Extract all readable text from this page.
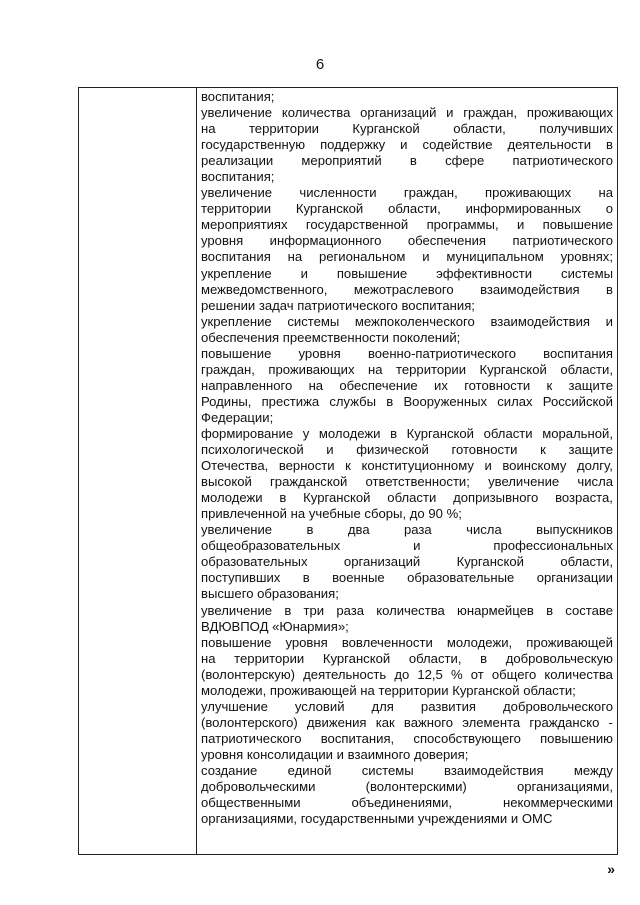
6
воспитания;
увеличение количества организаций и граждан, проживающих
на	территории	Курганской	области,	получивших
государственную поддержку и содействие деятельности в
реализации мероприятий в сфере патриотического
воспитания;
увеличение численности граждан, проживающих на
территории Курганской области, информированных о
мероприятиях государственной программы, и повышение
уровня информационного обеспечения патриотического
воспитания на региональном и муниципальном уровнях;
укрепление и повышение эффективности системы
межведомственного, межотраслевого взаимодействия в
решении задач патриотического воспитания;
укрепление системы межпоколенческого взаимодействия и
обеспечения преемственности поколений;
повышение уровня военно-патриотического воспитания
граждан, проживающих на территории Курганской области,
направленного на обеспечение их готовности к защите
Родины, престижа службы в Вооруженных силах Российской
Федерации;
формирование у молодежи в Курганской области моральной,
психологической и физической готовности к защите
Отечества, верности к конституционному и воинскому долгу,
высокой гражданской ответственности; увеличение числа
молодежи в Курганской области допризывного возраста,
привлеченной на учебные сборы, до 90 %;
увеличение	в	два	раза	числа	выпускников
общеобразовательных	и	профессиональных
образовательных	организаций	Курганской	области,
поступивших в военные образовательные организации
высшего образования;
увеличение в три раза количества юнармейцев в составе
ВДЮВПОД «Юнармия»;
повышение уровня вовлеченности молодежи, проживающей
на территории Курганской области, в добровольческую
(волонтерскую) деятельность до 12,5 % от общего количества
молодежи, проживающей на территории Курганской области;
улучшение условий для развития добровольческого
(волонтерского) движения как важного элемента гражданско -
патриотического воспитания, способствующего повышению
уровня консолидации и взаимного доверия;
создание единой системы взаимодействия между
добровольческими	(волонтерскими)	организациями,
общественными	объединениями,	некоммерческими
организациями, государственными учреждениями и ОМС
»
